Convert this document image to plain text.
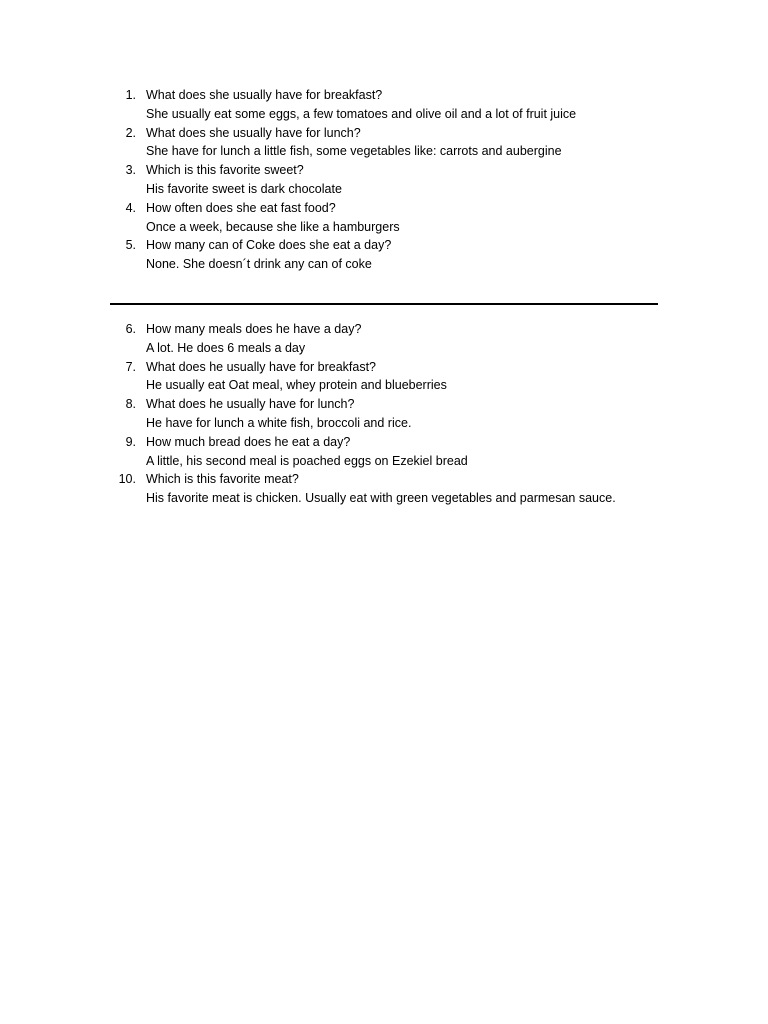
1. What does she usually have for breakfast?
She usually eat some eggs, a few tomatoes and olive oil and a lot of fruit juice
2. What does she usually have for lunch?
She have for lunch a little fish, some vegetables like: carrots and aubergine
3. Which is this favorite sweet?
His favorite sweet is dark chocolate
4. How often does she eat fast food?
Once a week, because she like a hamburgers
5. How many can of Coke does she eat a day?
None. She doesn´t drink any can of coke
6. How many meals does he have a day?
A lot. He does 6 meals a day
7. What does he usually have for breakfast?
He usually eat Oat meal, whey protein and blueberries
8. What does he usually have for lunch?
He have for lunch a white fish, broccoli and rice.
9. How much bread does he eat a day?
A little, his second meal is poached eggs on Ezekiel bread
10. Which is this favorite meat?
His favorite meat is chicken. Usually eat with green vegetables and parmesan sauce.
